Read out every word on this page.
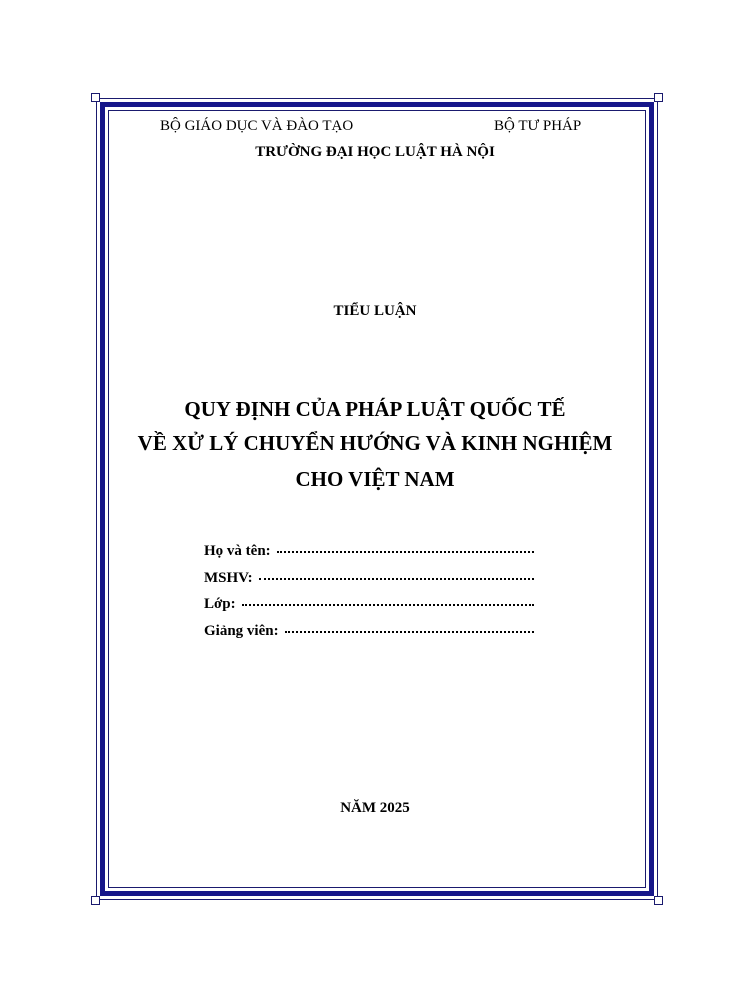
BỘ GIÁO DỤC VÀ ĐÀO TẠO	BỘ TƯ PHÁP
TRƯỜNG ĐẠI HỌC LUẬT HÀ NỘI
TIỂU LUẬN
QUY ĐỊNH CỦA PHÁP LUẬT QUỐC TẾ
VỀ XỬ LÝ CHUYỂN HƯỚNG VÀ KINH NGHIỆM
CHO VIỆT NAM
Họ và tên:
MSHV:
Lớp:
Giảng viên:
NĂM 2025
